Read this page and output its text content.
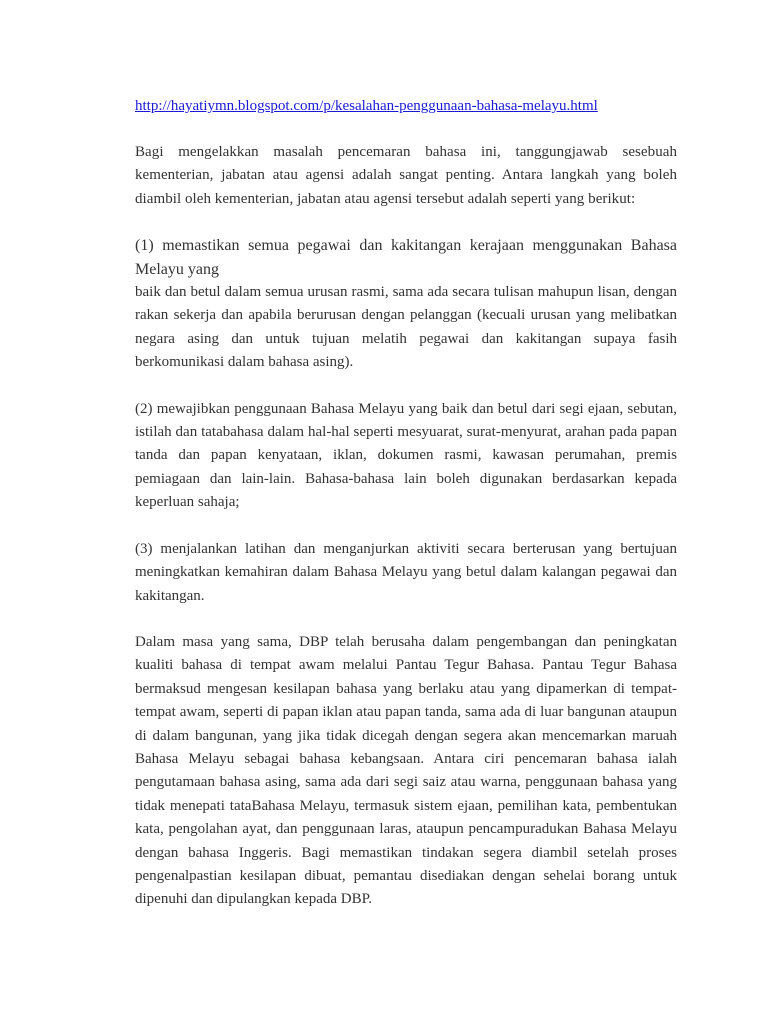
http://hayatiymn.blogspot.com/p/kesalahan-penggunaan-bahasa-melayu.html

Bagi mengelakkan masalah pencemaran bahasa ini, tanggungjawab sesebuah kementerian, jabatan atau agensi adalah sangat penting. Antara langkah yang boleh diambil oleh kementerian, jabatan atau agensi tersebut adalah seperti yang berikut:

(1) memastikan semua pegawai dan kakitangan kerajaan menggunakan Bahasa Melayu yang
baik dan betul dalam semua urusan rasmi, sama ada secara tulisan mahupun lisan, dengan rakan sekerja dan apabila berurusan dengan pelanggan (kecuali urusan yang melibatkan negara asing dan untuk tujuan melatih pegawai dan kakitangan supaya fasih berkomunikasi dalam bahasa asing).

(2) mewajibkan penggunaan Bahasa Melayu yang baik dan betul dari segi ejaan, sebutan, istilah dan tatabahasa dalam hal-hal seperti mesyuarat, surat-menyurat, arahan pada papan tanda dan papan kenyataan, iklan, dokumen rasmi, kawasan perumahan, premis pemiagaan dan lain-lain. Bahasa-bahasa lain boleh digunakan berdasarkan kepada keperluan sahaja;

(3) menjalankan latihan dan menganjurkan aktiviti secara berterusan yang bertujuan meningkatkan kemahiran dalam Bahasa Melayu yang betul dalam kalangan pegawai dan kakitangan.

Dalam masa yang sama, DBP telah berusaha dalam pengembangan dan peningkatan kualiti bahasa di tempat awam melalui Pantau Tegur Bahasa. Pantau Tegur Bahasa bermaksud mengesan kesilapan bahasa yang berlaku atau yang dipamerkan di tempat-tempat awam, seperti di papan iklan atau papan tanda, sama ada di luar bangunan ataupun di dalam bangunan, yang jika tidak dicegah dengan segera akan mencemarkan maruah Bahasa Melayu sebagai bahasa kebangsaan. Antara ciri pencemaran bahasa ialah pengutamaan bahasa asing, sama ada dari segi saiz atau warna, penggunaan bahasa yang tidak menepati tataBahasa Melayu, termasuk sistem ejaan, pemilihan kata, pembentukan kata, pengolahan ayat, dan penggunaan laras, ataupun pencampuradukan Bahasa Melayu dengan bahasa Inggeris. Bagi memastikan tindakan segera diambil setelah proses pengenalpastian kesilapan dibuat, pemantau disediakan dengan sehelai borang untuk dipenuhi dan dipulangkan kepada DBP.
